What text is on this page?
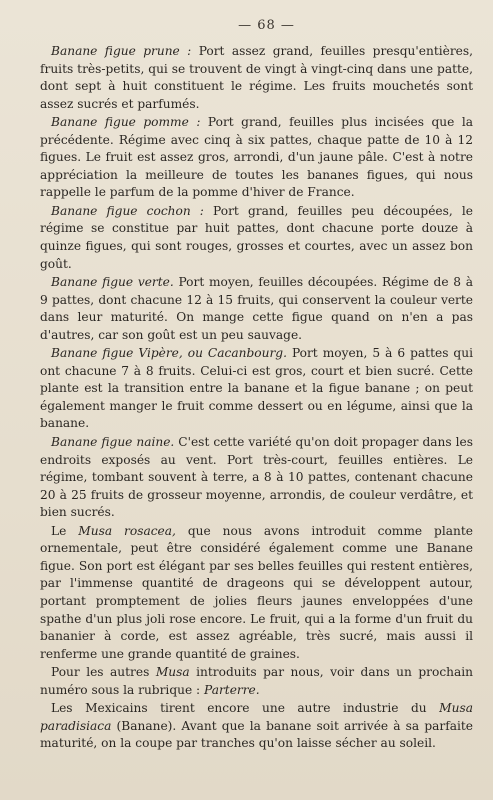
— 68 —

Banane figue prune : Port assez grand, feuilles presqu'entières, fruits très-petits, qui se trouvent de vingt à vingt-cinq dans une patte, dont sept à huit constituent le régime. Les fruits mouchetés sont assez sucrés et parfumés.

Banane figue pomme : Port grand, feuilles plus incisées que la précédente. Régime avec cinq à six pattes, chaque patte de 10 à 12 figues. Le fruit est assez gros, arrondi, d'un jaune pâle. C'est à notre appréciation la meilleure de toutes les bananes figues, qui nous rappelle le parfum de la pomme d'hiver de France.

Banane figue cochon : Port grand, feuilles peu découpées, le régime se constitue par huit pattes, dont chacune porte douze à quinze figues, qui sont rouges, grosses et courtes, avec un assez bon goût.

Banane figue verte. Port moyen, feuilles découpées. Régime de 8 à 9 pattes, dont chacune 12 à 15 fruits, qui conservent la couleur verte dans leur maturité. On mange cette figue quand on n'en a pas d'autres, car son goût est un peu sauvage.

Banane figue Vipère, ou Cacanbourg. Port moyen, 5 à 6 pattes qui ont chacune 7 à 8 fruits. Celui-ci est gros, court et bien sucré. Cette plante est la transition entre la banane et la figue banane ; on peut également manger le fruit comme dessert ou en légume, ainsi que la banane.

Banane figue naine. C'est cette variété qu'on doit propager dans les endroits exposés au vent. Port très-court, feuilles entières. Le régime, tombant souvent à terre, a 8 à 10 pattes, contenant chacune 20 à 25 fruits de grosseur moyenne, arrondis, de couleur verdâtre, et bien sucrés.

Le Musa rosacea, que nous avons introduit comme plante ornementale, peut être considéré également comme une Banane figue. Son port est élégant par ses belles feuilles qui restent entières, par l'immense quantité de drageons qui se développent autour, portant promptement de jolies fleurs jaunes enveloppées d'une spathe d'un plus joli rose encore. Le fruit, qui a la forme d'un fruit du bananier à corde, est assez agréable, très sucré, mais aussi il renferme une grande quantité de graines.

Pour les autres Musa introduits par nous, voir dans un prochain numéro sous la rubrique : Parterre.

Les Mexicains tirent encore une autre industrie du Musa paradisiaca (Banane). Avant que la banane soit arrivée à sa parfaite maturité, on la coupe par tranches qu'on laisse sécher au soleil.
